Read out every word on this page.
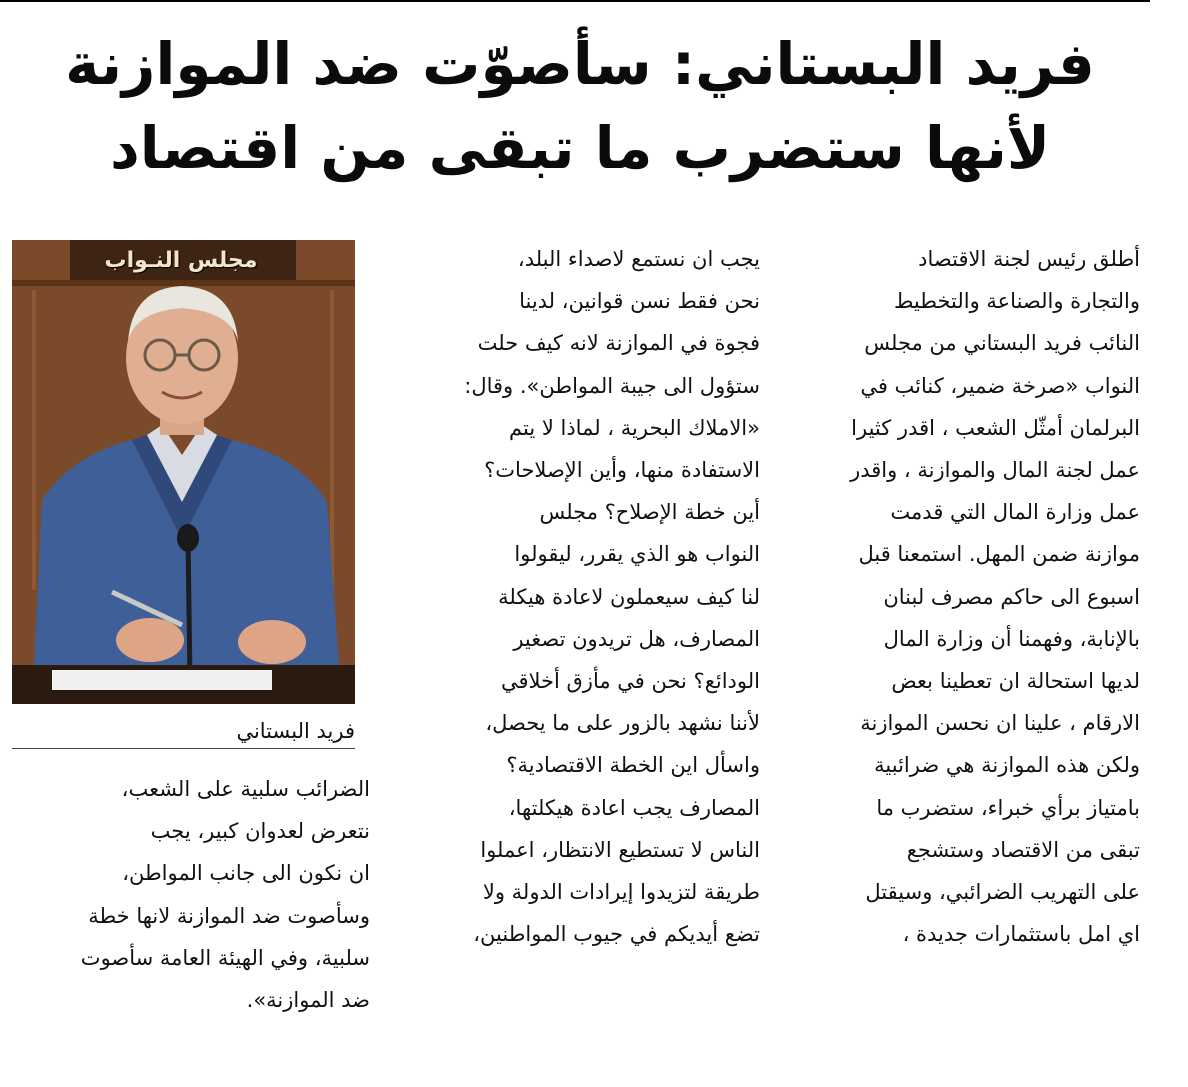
فريد البستاني: سأصوّت ضد الموازنة
لأنها ستضرب ما تبقى من اقتصاد
مجلس النـواب
فريد البستاني
أطلق رئيس لجنة الاقتصاد
والتجارة والصناعة والتخطيط
النائب فريد البستاني من مجلس
النواب «صرخة ضمير، كنائب في
البرلمان أمثّل الشعب ، اقدر كثيرا
عمل لجنة المال والموازنة ، واقدر
عمل وزارة المال التي قدمت
موازنة ضمن المهل. استمعنا قبل
اسبوع الى حاكم مصرف لبنان
بالإنابة، وفهمنا أن وزارة المال
لديها استحالة ان تعطينا بعض
الارقام ، علينا ان نحسن الموازنة
ولكن هذه الموازنة هي ضرائبية
بامتياز برأي خبراء، ستضرب ما
تبقى من الاقتصاد وستشجع
على التهريب الضرائبي، وسيقتل
اي امل باستثمارات جديدة ،
يجب ان نستمع لاصداء البلد،
نحن فقط نسن قوانين، لدينا
فجوة في الموازنة لانه كيف حلت
ستؤول الى جيبة المواطن». وقال:
«الاملاك البحرية ، لماذا لا يتم
الاستفادة منها، وأين الإصلاحات؟
أين خطة الإصلاح؟ مجلس
النواب هو الذي يقرر، ليقولوا
لنا كيف سيعملون لاعادة هيكلة
المصارف، هل تريدون تصغير
الودائع؟ نحن في مأزق أخلاقي
لأننا نشهد بالزور على ما يحصل،
واسأل اين الخطة الاقتصادية؟
المصارف يجب اعادة هيكلتها،
الناس لا تستطيع الانتظار، اعملوا
طريقة لتزيدوا إيرادات الدولة ولا
تضع أيديكم في جيوب المواطنين،
الضرائب سلبية على الشعب،
نتعرض لعدوان كبير، يجب
ان نكون الى جانب المواطن،
وسأصوت ضد الموازنة لانها خطة
سلبية، وفي الهيئة العامة سأصوت
ضد الموازنة».
